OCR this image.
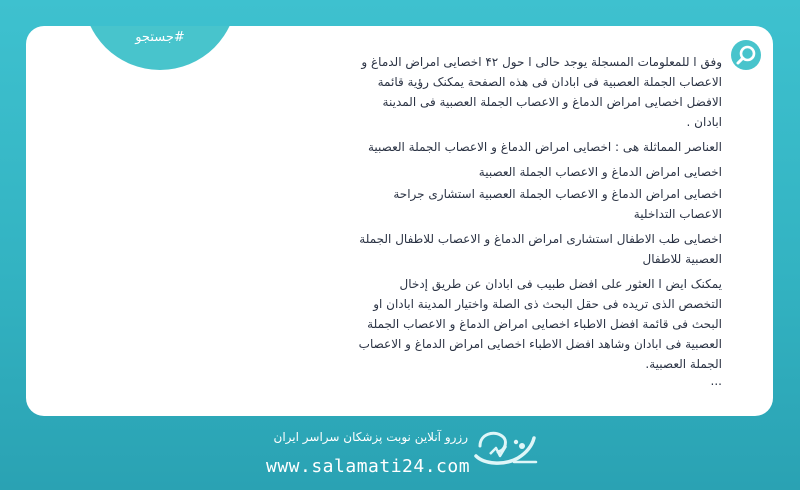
#جستجو

وفق ا للمعلومات المسجلة یوجد حالی ا حول ۴۲ اخصایی امراض الدماغ و الاعصاب الجملة العصبیة فی ابادان فی هذه الصفحة یمکنک رؤیة قائمة الافضل اخصایی امراض الدماغ و الاعصاب الجملة العصبیة فی المدینة ابادان .

العناصر المماثلة هی : اخصایی امراض الدماغ و الاعصاب الجملة العصبیة

اخصایی امراض الدماغ و الاعصاب الجملة العصبیة

اخصایی امراض الدماغ و الاعصاب الجملة العصبیة استشاری جراحة الاعصاب التداخلیة

اخصایی طب الاطفال استشاری امراض الدماغ و الاعصاب للاطفال الجملة العصبیة للاطفال

یمکنک ایض ا العثور علی افضل طبیب فی ابادان عن طریق إدخال التخصص الذی تریده فی حقل البحث ذی الصلة واختیار المدینة ابادان او البحث فی قائمة افضل الاطباء اخصایی امراض الدماغ و الاعصاب الجملة العصبیة فی ابادان وشاهد افضل الاطباء اخصایی امراض الدماغ و الاعصاب الجملة العصبیة.

...

رزرو آنلاین نوبت پزشکان سراسر ایران
www.salamati24.com
